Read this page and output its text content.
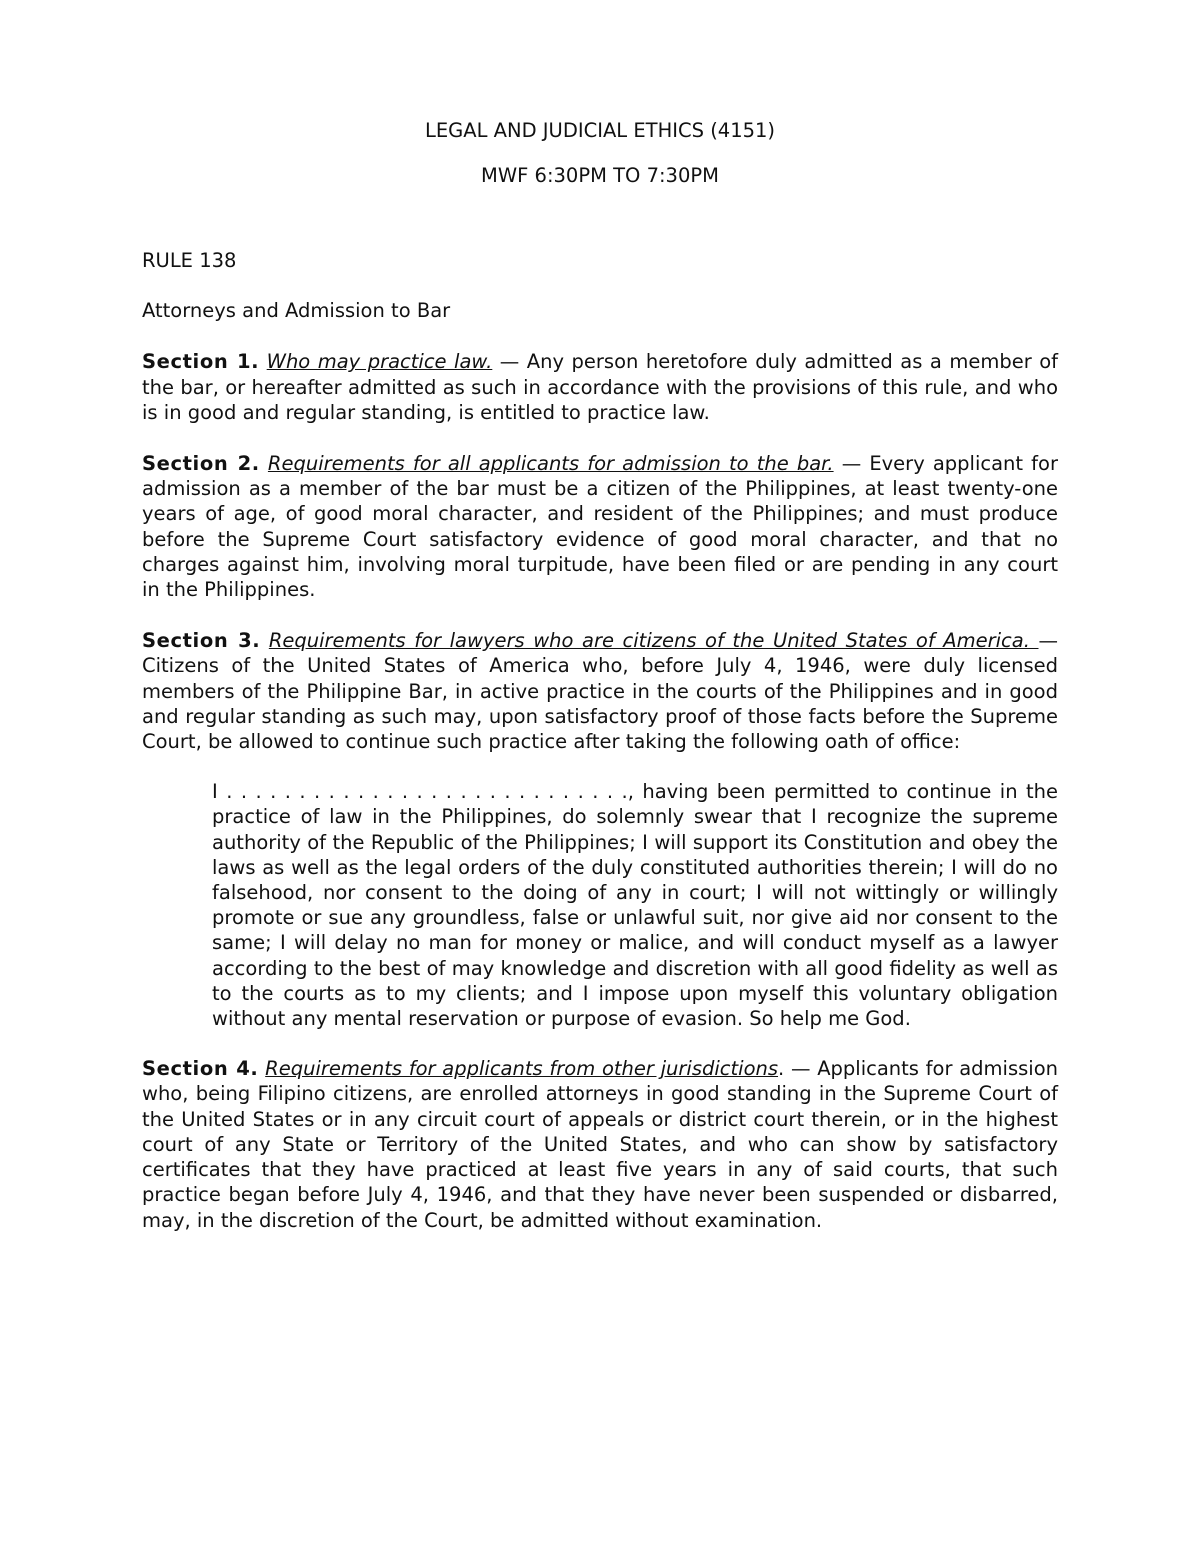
LEGAL AND JUDICIAL ETHICS (4151)

MWF 6:30PM TO 7:30PM

RULE 138

Attorneys and Admission to Bar

Section 1. Who may practice law. — Any person heretofore duly admitted as a member of the bar, or hereafter admitted as such in accordance with the provisions of this rule, and who is in good and regular standing, is entitled to practice law.

Section 2. Requirements for all applicants for admission to the bar. — Every applicant for admission as a member of the bar must be a citizen of the Philippines, at least twenty-one years of age, of good moral character, and resident of the Philippines; and must produce before the Supreme Court satisfactory evidence of good moral character, and that no charges against him, involving moral turpitude, have been filed or are pending in any court in the Philippines.

Section 3. Requirements for lawyers who are citizens of the United States of America. — Citizens of the United States of America who, before July 4, 1946, were duly licensed members of the Philippine Bar, in active practice in the courts of the Philippines and in good and regular standing as such may, upon satisfactory proof of those facts before the Supreme Court, be allowed to continue such practice after taking the following oath of office:

I . . . . . . . . . . . . . . . . . . . . . . . . . . . ., having been permitted to continue in the practice of law in the Philippines, do solemnly swear that I recognize the supreme authority of the Republic of the Philippines; I will support its Constitution and obey the laws as well as the legal orders of the duly constituted authorities therein; I will do no falsehood, nor consent to the doing of any in court; I will not wittingly or willingly promote or sue any groundless, false or unlawful suit, nor give aid nor consent to the same; I will delay no man for money or malice, and will conduct myself as a lawyer according to the best of may knowledge and discretion with all good fidelity as well as to the courts as to my clients; and I impose upon myself this voluntary obligation without any mental reservation or purpose of evasion. So help me God.

Section 4. Requirements for applicants from other jurisdictions. — Applicants for admission who, being Filipino citizens, are enrolled attorneys in good standing in the Supreme Court of the United States or in any circuit court of appeals or district court therein, or in the highest court of any State or Territory of the United States, and who can show by satisfactory certificates that they have practiced at least five years in any of said courts, that such practice began before July 4, 1946, and that they have never been suspended or disbarred, may, in the discretion of the Court, be admitted without examination.
